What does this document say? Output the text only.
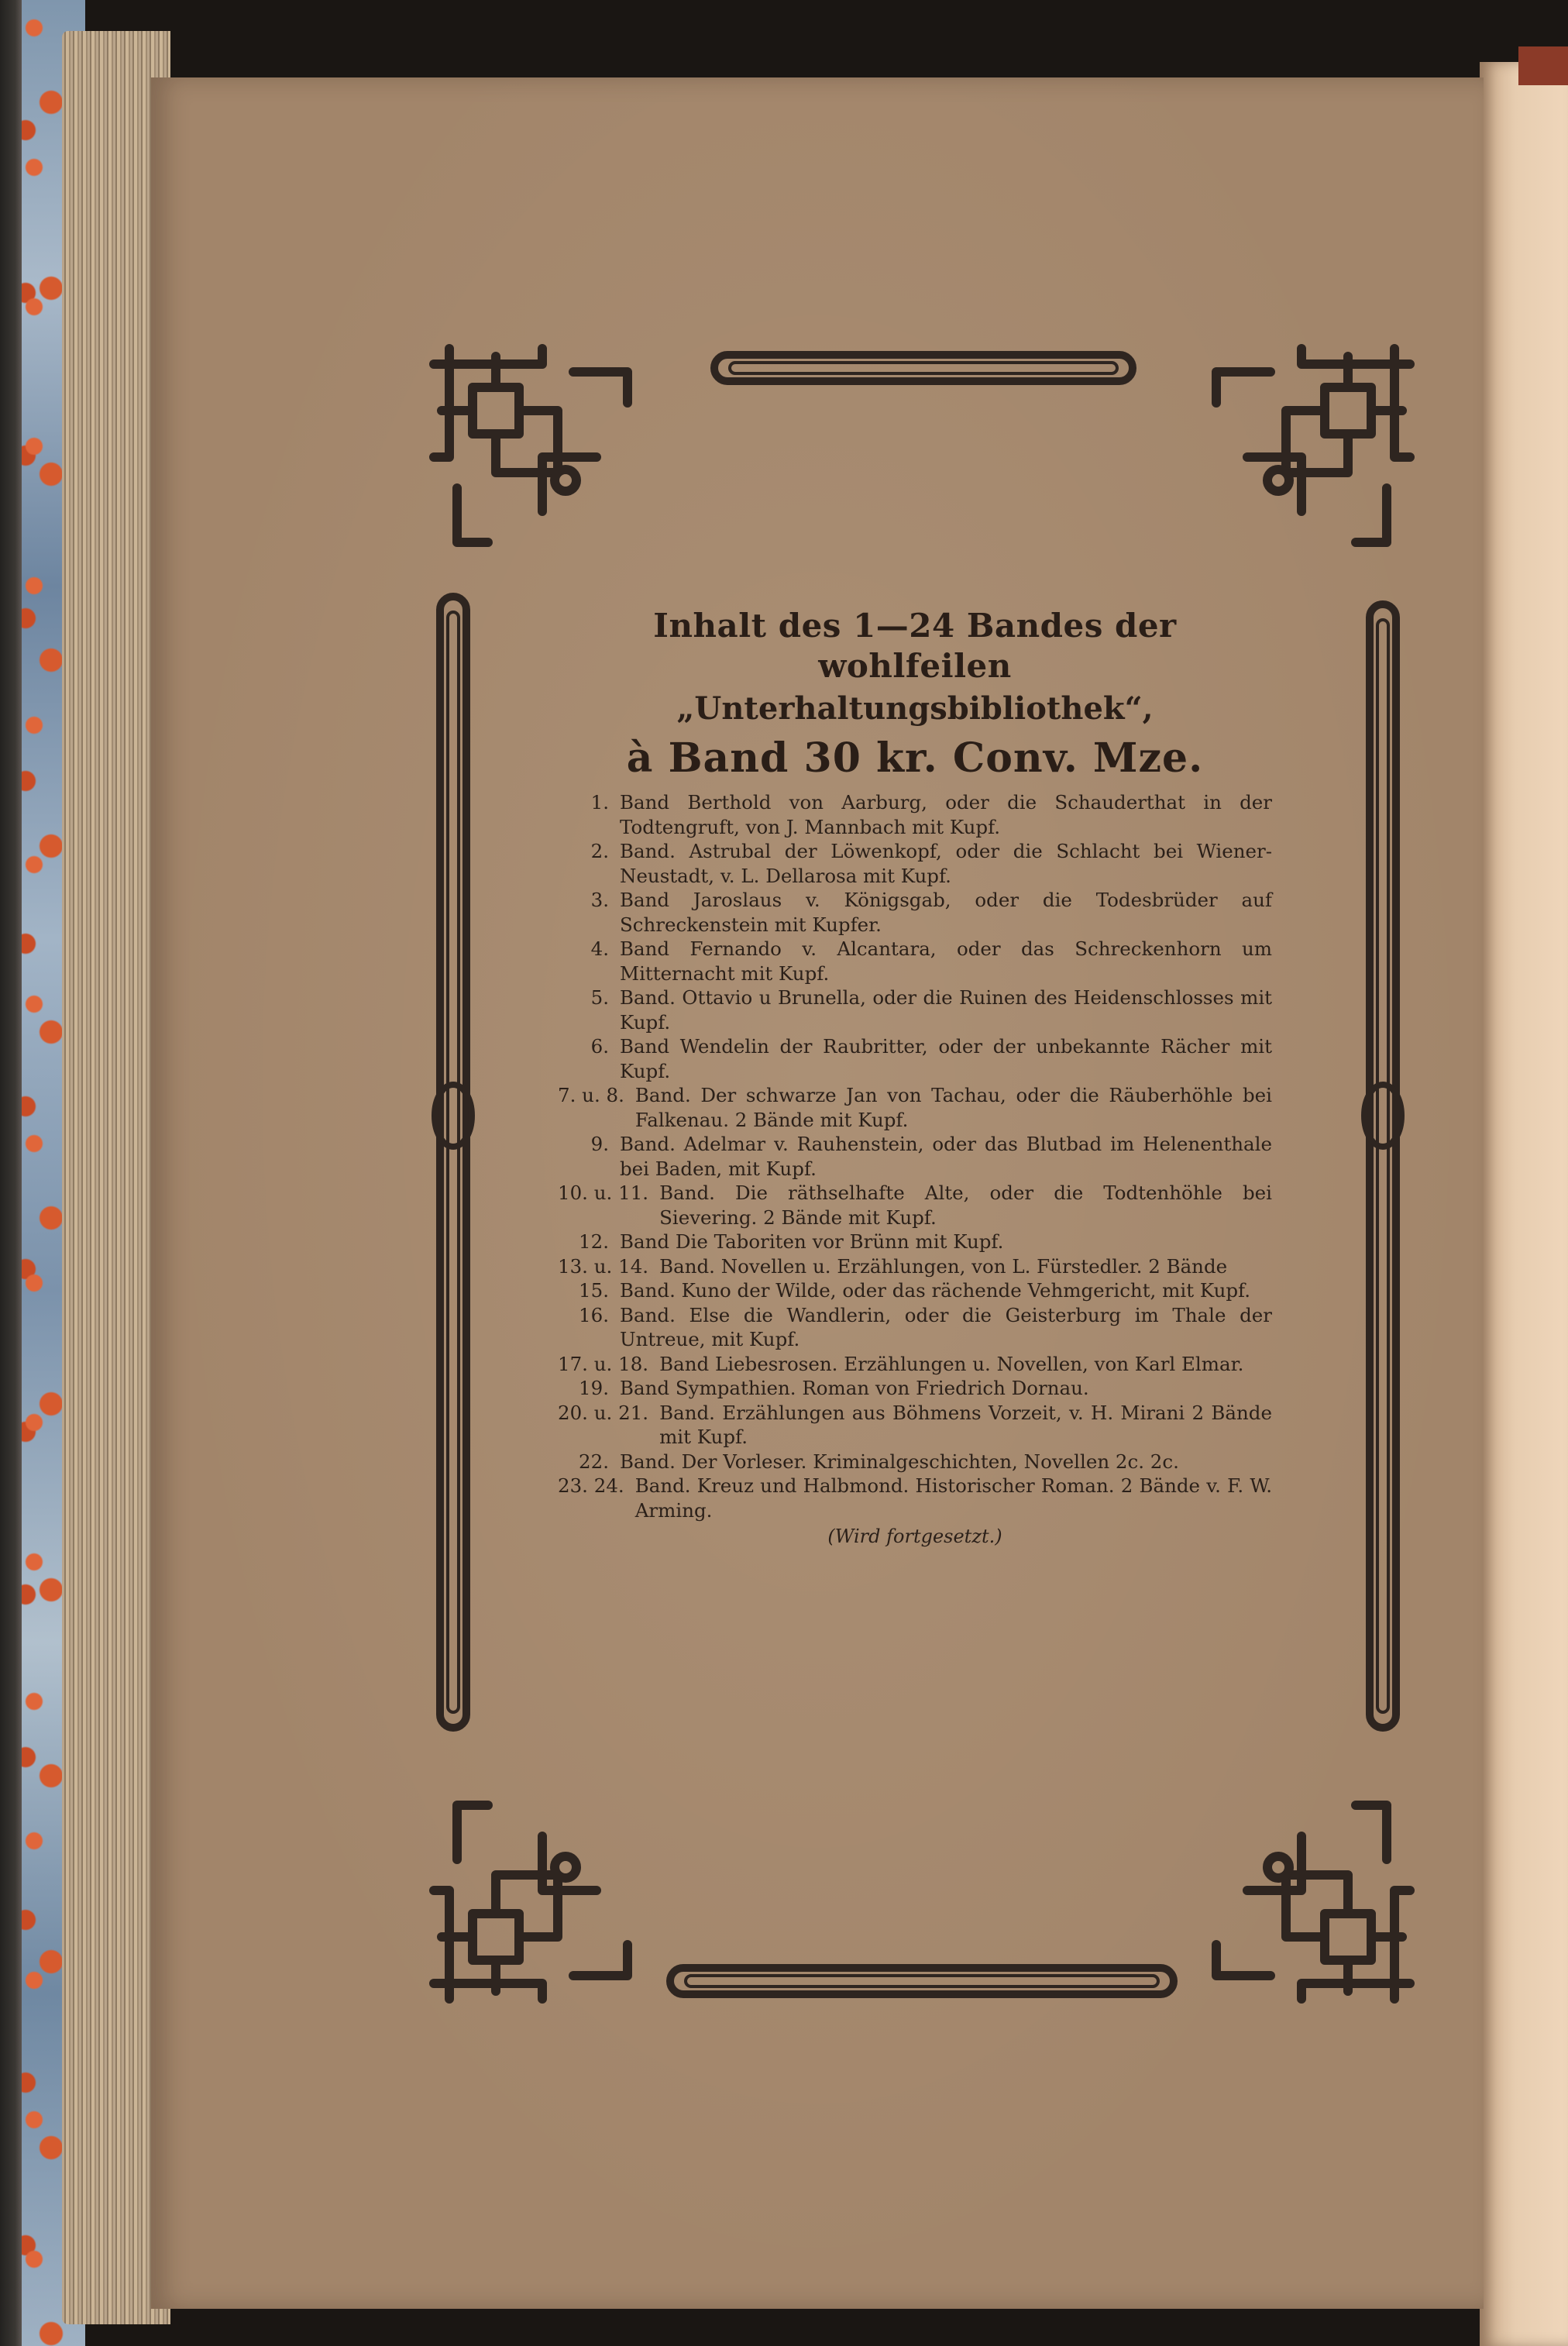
Inhalt des 1—24 Bandes der wohlfeilen
„Unterhaltungsbibliothek“,
à Band 30 kr. Conv. Mze.
1. Band Berthold von Aarburg, oder die Schauderthat in der Todtengruft, von J. Mannbach mit Kupf.
2. Band. Astrubal der Löwenkopf, oder die Schlacht bei Wiener-Neustadt, v. L. Dellarosa mit Kupf.
3. Band Jaroslaus v. Königsgab, oder die Todesbrüder auf Schreckenstein mit Kupfer.
4. Band Fernando v. Alcantara, oder das Schreckenhorn um Mitternacht mit Kupf.
5. Band. Ottavio u Brunella, oder die Ruinen des Heidenschlosses mit Kupf.
6. Band Wendelin der Raubritter, oder der unbekannte Rächer mit Kupf.
7. u. 8. Band. Der schwarze Jan von Tachau, oder die Räuberhöhle bei Falkenau. 2 Bände mit Kupf.
9. Band. Adelmar v. Rauhenstein, oder das Blutbad im Helenenthale bei Baden, mit Kupf.
10. u. 11. Band. Die räthselhafte Alte, oder die Todtenhöhle bei Sievering. 2 Bände mit Kupf.
12. Band Die Taboriten vor Brünn mit Kupf.
13. u. 14. Band. Novellen u. Erzählungen, von L. Fürstedler. 2 Bände
15. Band. Kuno der Wilde, oder das rächende Vehmgericht, mit Kupf.
16. Band. Else die Wandlerin, oder die Geisterburg im Thale der Untreue, mit Kupf.
17. u. 18. Band Liebesrosen. Erzählungen u. Novellen, von Karl Elmar.
19. Band Sympathien. Roman von Friedrich Dornau.
20. u. 21. Band. Erzählungen aus Böhmens Vorzeit, v. H. Mirani 2 Bände mit Kupf.
22. Band. Der Vorleser. Kriminalgeschichten, Novellen 2c. 2c.
23. 24. Band. Kreuz und Halbmond. Historischer Roman. 2 Bände v. F. W. Arming.
(Wird fortgesetzt.)
